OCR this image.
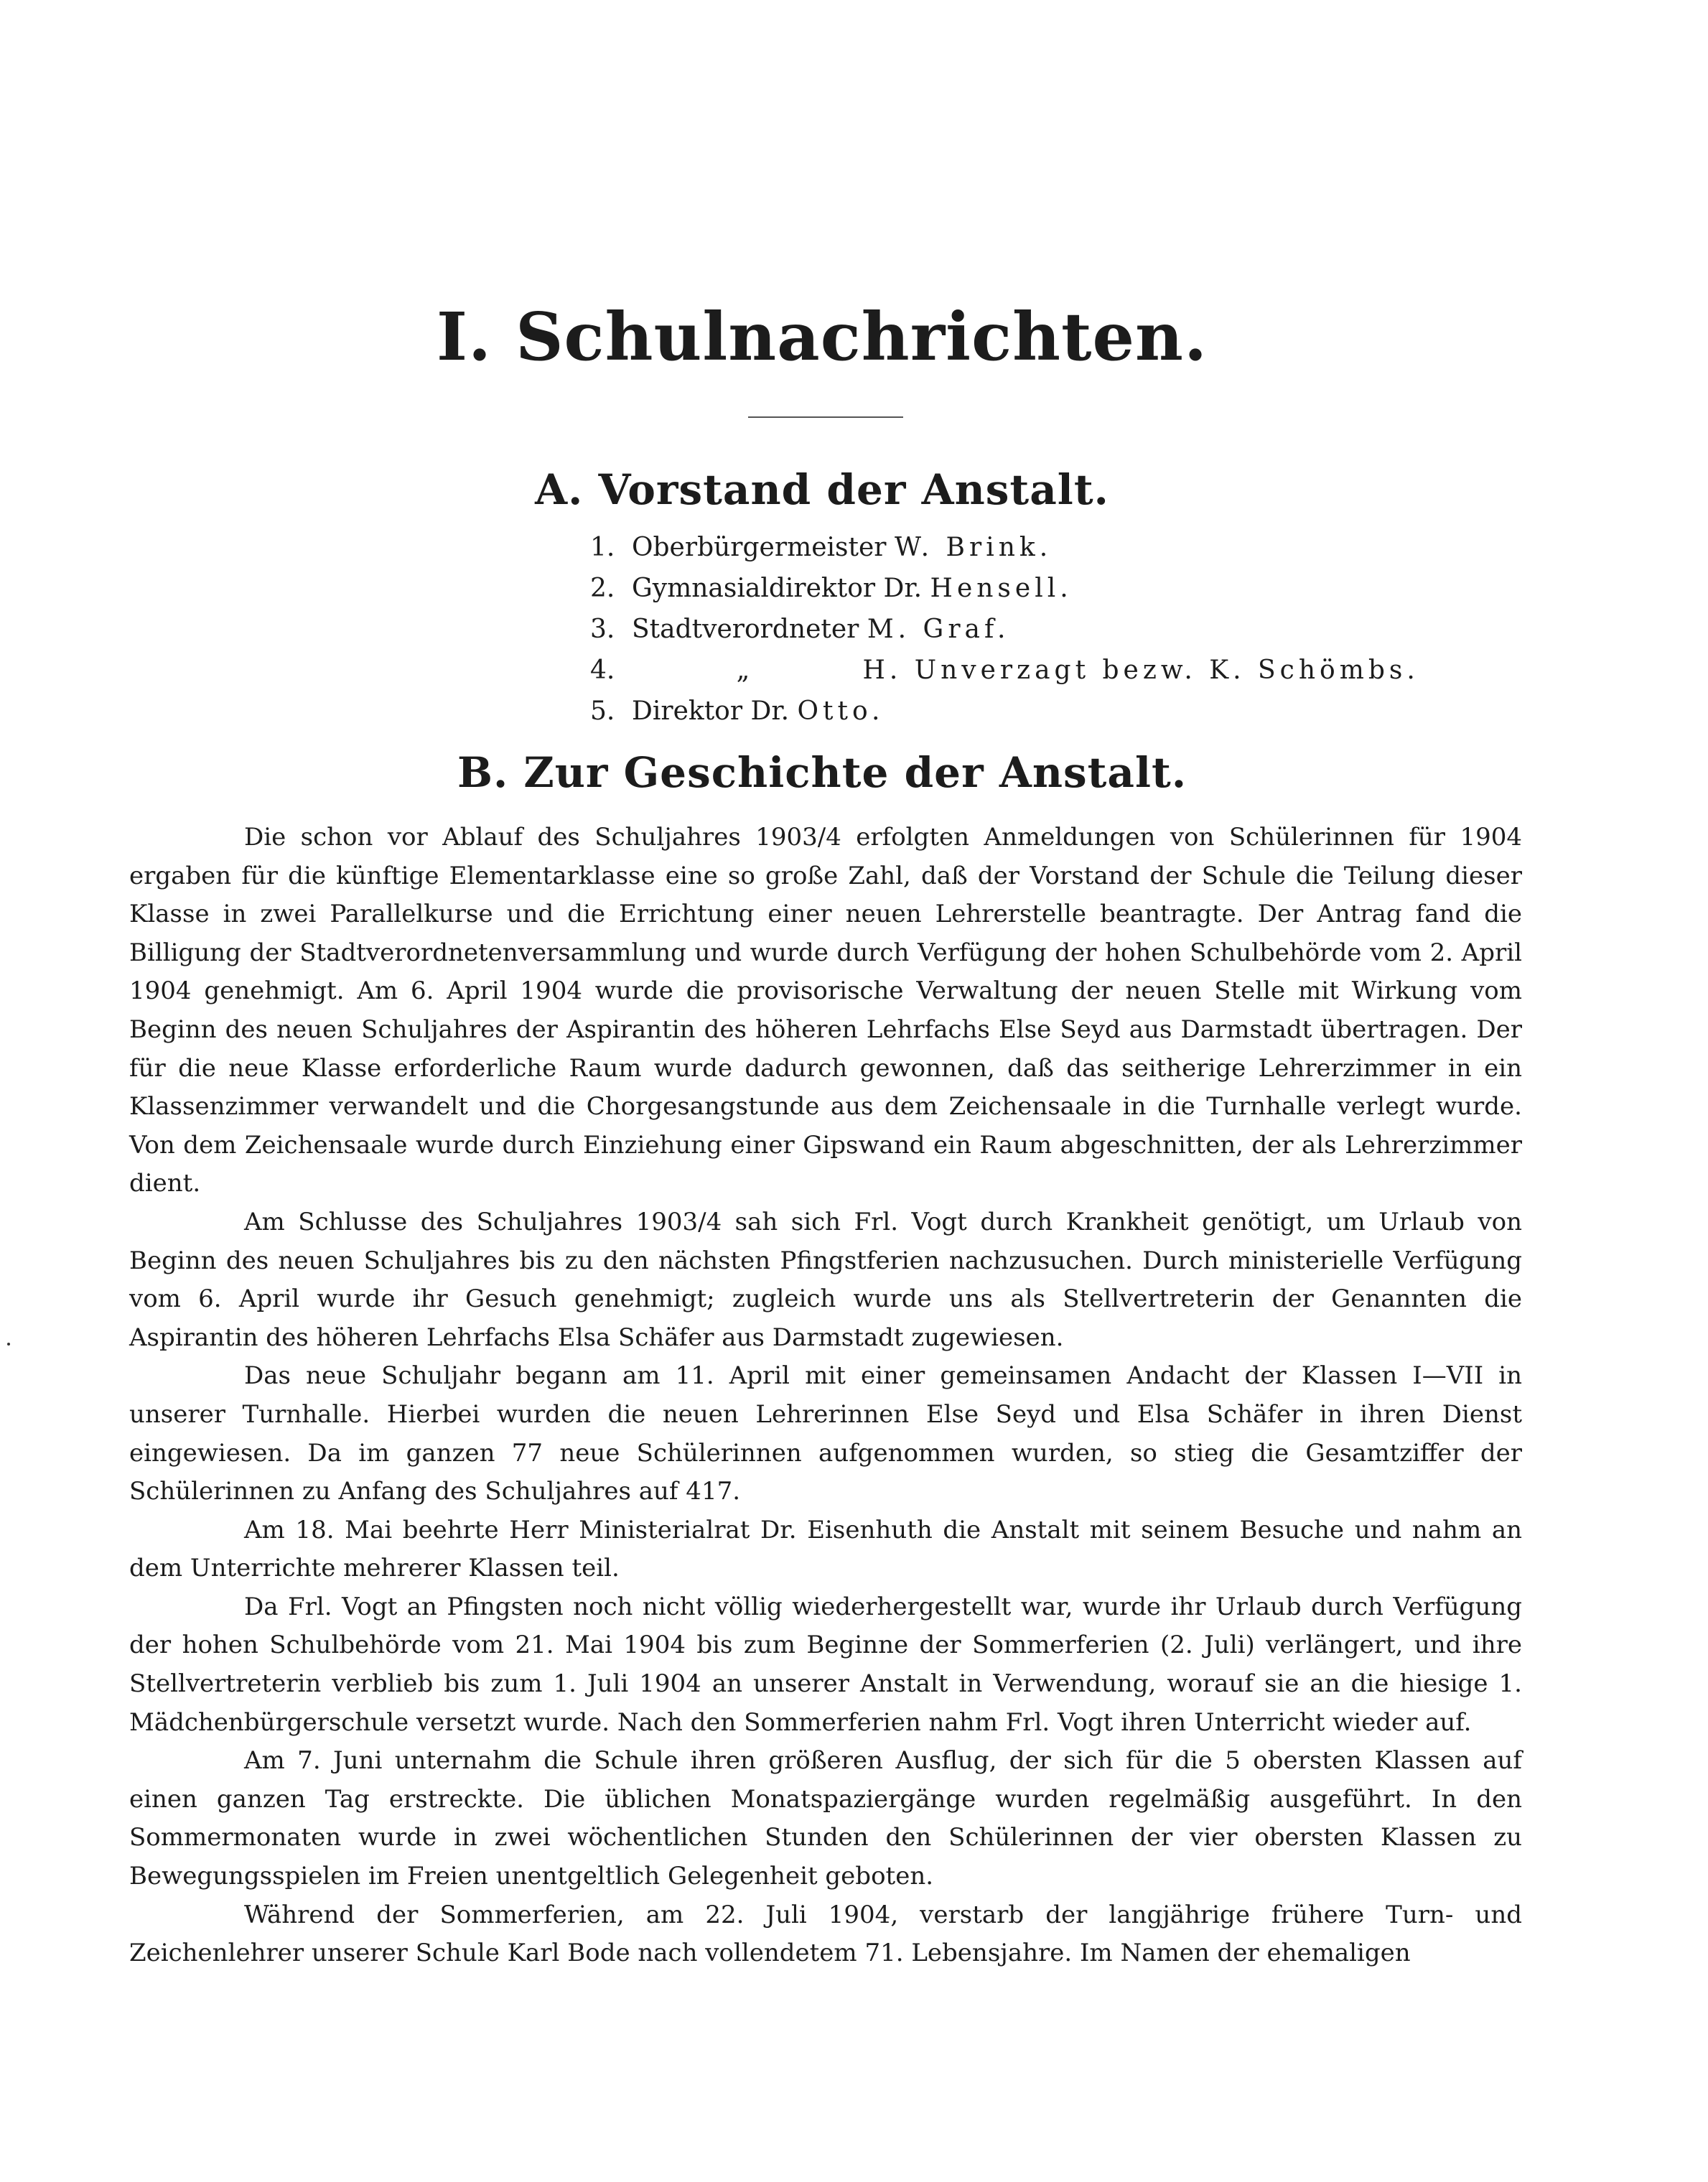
I. Schulnachrichten.
A. Vorstand der Anstalt.
1. Oberbürgermeister W. Brink.
2. Gymnasialdirektor Dr. Hensell.
3. Stadtverordneter M. Graf.
4.	„	H. Unverzagt bezw. K. Schömbs.
5. Direktor Dr. Otto.
B. Zur Geschichte der Anstalt.

Die schon vor Ablauf des Schuljahres 1903/4 erfolgten Anmeldungen von Schülerinnen für 1904 ergaben für die künftige Elementarklasse eine so große Zahl, daß der Vorstand der Schule die Teilung dieser Klasse in zwei Parallelkurse und die Errichtung einer neuen Lehrerstelle beantragte. Der Antrag fand die Billigung der Stadtverordnetenversammlung und wurde durch Verfügung der hohen Schulbehörde vom 2. April 1904 genehmigt. Am 6. April 1904 wurde die provisorische Verwaltung der neuen Stelle mit Wirkung vom Beginn des neuen Schuljahres der Aspirantin des höheren Lehrfachs Else Seyd aus Darmstadt übertragen. Der für die neue Klasse erforderliche Raum wurde dadurch gewonnen, daß das seitherige Lehrerzimmer in ein Klassenzimmer verwandelt und die Chorgesangstunde aus dem Zeichensaale in die Turnhalle verlegt wurde. Von dem Zeichensaale wurde durch Einziehung einer Gipswand ein Raum abgeschnitten, der als Lehrerzimmer dient.

Am Schlusse des Schuljahres 1903/4 sah sich Frl. Vogt durch Krankheit genötigt, um Urlaub von Beginn des neuen Schuljahres bis zu den nächsten Pfingstferien nachzusuchen. Durch ministerielle Verfügung vom 6. April wurde ihr Gesuch genehmigt; zugleich wurde uns als Stellvertreterin der Genannten die Aspirantin des höheren Lehrfachs Elsa Schäfer aus Darmstadt zugewiesen.

Das neue Schuljahr begann am 11. April mit einer gemeinsamen Andacht der Klassen I—VII in unserer Turnhalle. Hierbei wurden die neuen Lehrerinnen Else Seyd und Elsa Schäfer in ihren Dienst eingewiesen. Da im ganzen 77 neue Schülerinnen aufgenommen wurden, so stieg die Gesamtziffer der Schülerinnen zu Anfang des Schuljahres auf 417.

Am 18. Mai beehrte Herr Ministerialrat Dr. Eisenhuth die Anstalt mit seinem Besuche und nahm an dem Unterrichte mehrerer Klassen teil.

Da Frl. Vogt an Pfingsten noch nicht völlig wiederhergestellt war, wurde ihr Urlaub durch Verfügung der hohen Schulbehörde vom 21. Mai 1904 bis zum Beginne der Sommerferien (2. Juli) verlängert, und ihre Stellvertreterin verblieb bis zum 1. Juli 1904 an unserer Anstalt in Verwendung, worauf sie an die hiesige 1. Mädchenbürgerschule versetzt wurde. Nach den Sommerferien nahm Frl. Vogt ihren Unterricht wieder auf.

Am 7. Juni unternahm die Schule ihren größeren Ausflug, der sich für die 5 obersten Klassen auf einen ganzen Tag erstreckte. Die üblichen Monatspaziergänge wurden regelmäßig ausgeführt. In den Sommermonaten wurde in zwei wöchentlichen Stunden den Schülerinnen der vier obersten Klassen zu Bewegungsspielen im Freien unentgeltlich Gelegenheit geboten.

Während der Sommerferien, am 22. Juli 1904, verstarb der langjährige frühere Turn- und Zeichenlehrer unserer Schule Karl Bode nach vollendetem 71. Lebensjahre. Im Namen der ehemaligen
